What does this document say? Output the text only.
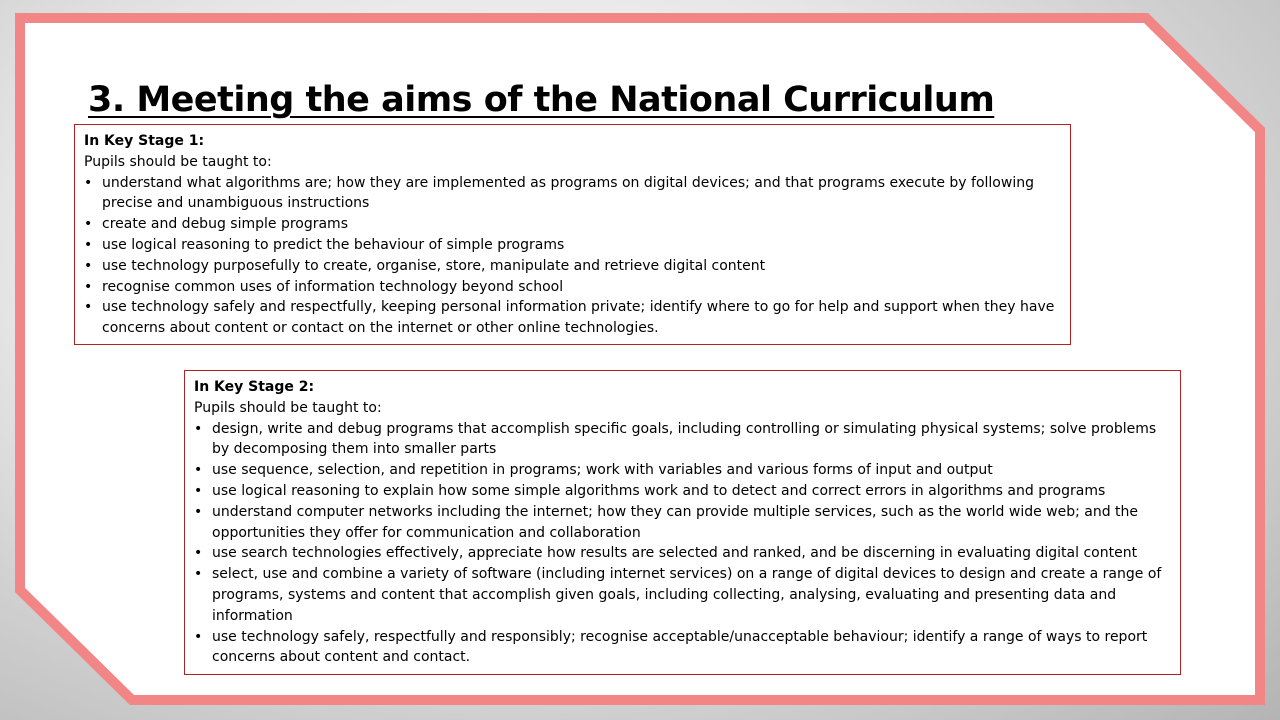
3. Meeting the aims of the National Curriculum
In Key Stage 1:
Pupils should be taught to:
• understand what algorithms are; how they are implemented as programs on digital devices; and that programs execute by following precise and unambiguous instructions
• create and debug simple programs
• use logical reasoning to predict the behaviour of simple programs
• use technology purposefully to create, organise, store, manipulate and retrieve digital content
• recognise common uses of information technology beyond school
• use technology safely and respectfully, keeping personal information private; identify where to go for help and support when they have concerns about content or contact on the internet or other online technologies.
In Key Stage 2:
Pupils should be taught to:
• design, write and debug programs that accomplish specific goals, including controlling or simulating physical systems; solve problems by decomposing them into smaller parts
• use sequence, selection, and repetition in programs; work with variables and various forms of input and output
• use logical reasoning to explain how some simple algorithms work and to detect and correct errors in algorithms and programs
• understand computer networks including the internet; how they can provide multiple services, such as the world wide web; and the opportunities they offer for communication and collaboration
• use search technologies effectively, appreciate how results are selected and ranked, and be discerning in evaluating digital content
• select, use and combine a variety of software (including internet services) on a range of digital devices to design and create a range of programs, systems and content that accomplish given goals, including collecting, analysing, evaluating and presenting data and information
• use technology safely, respectfully and responsibly; recognise acceptable/unacceptable behaviour; identify a range of ways to report concerns about content and contact.
